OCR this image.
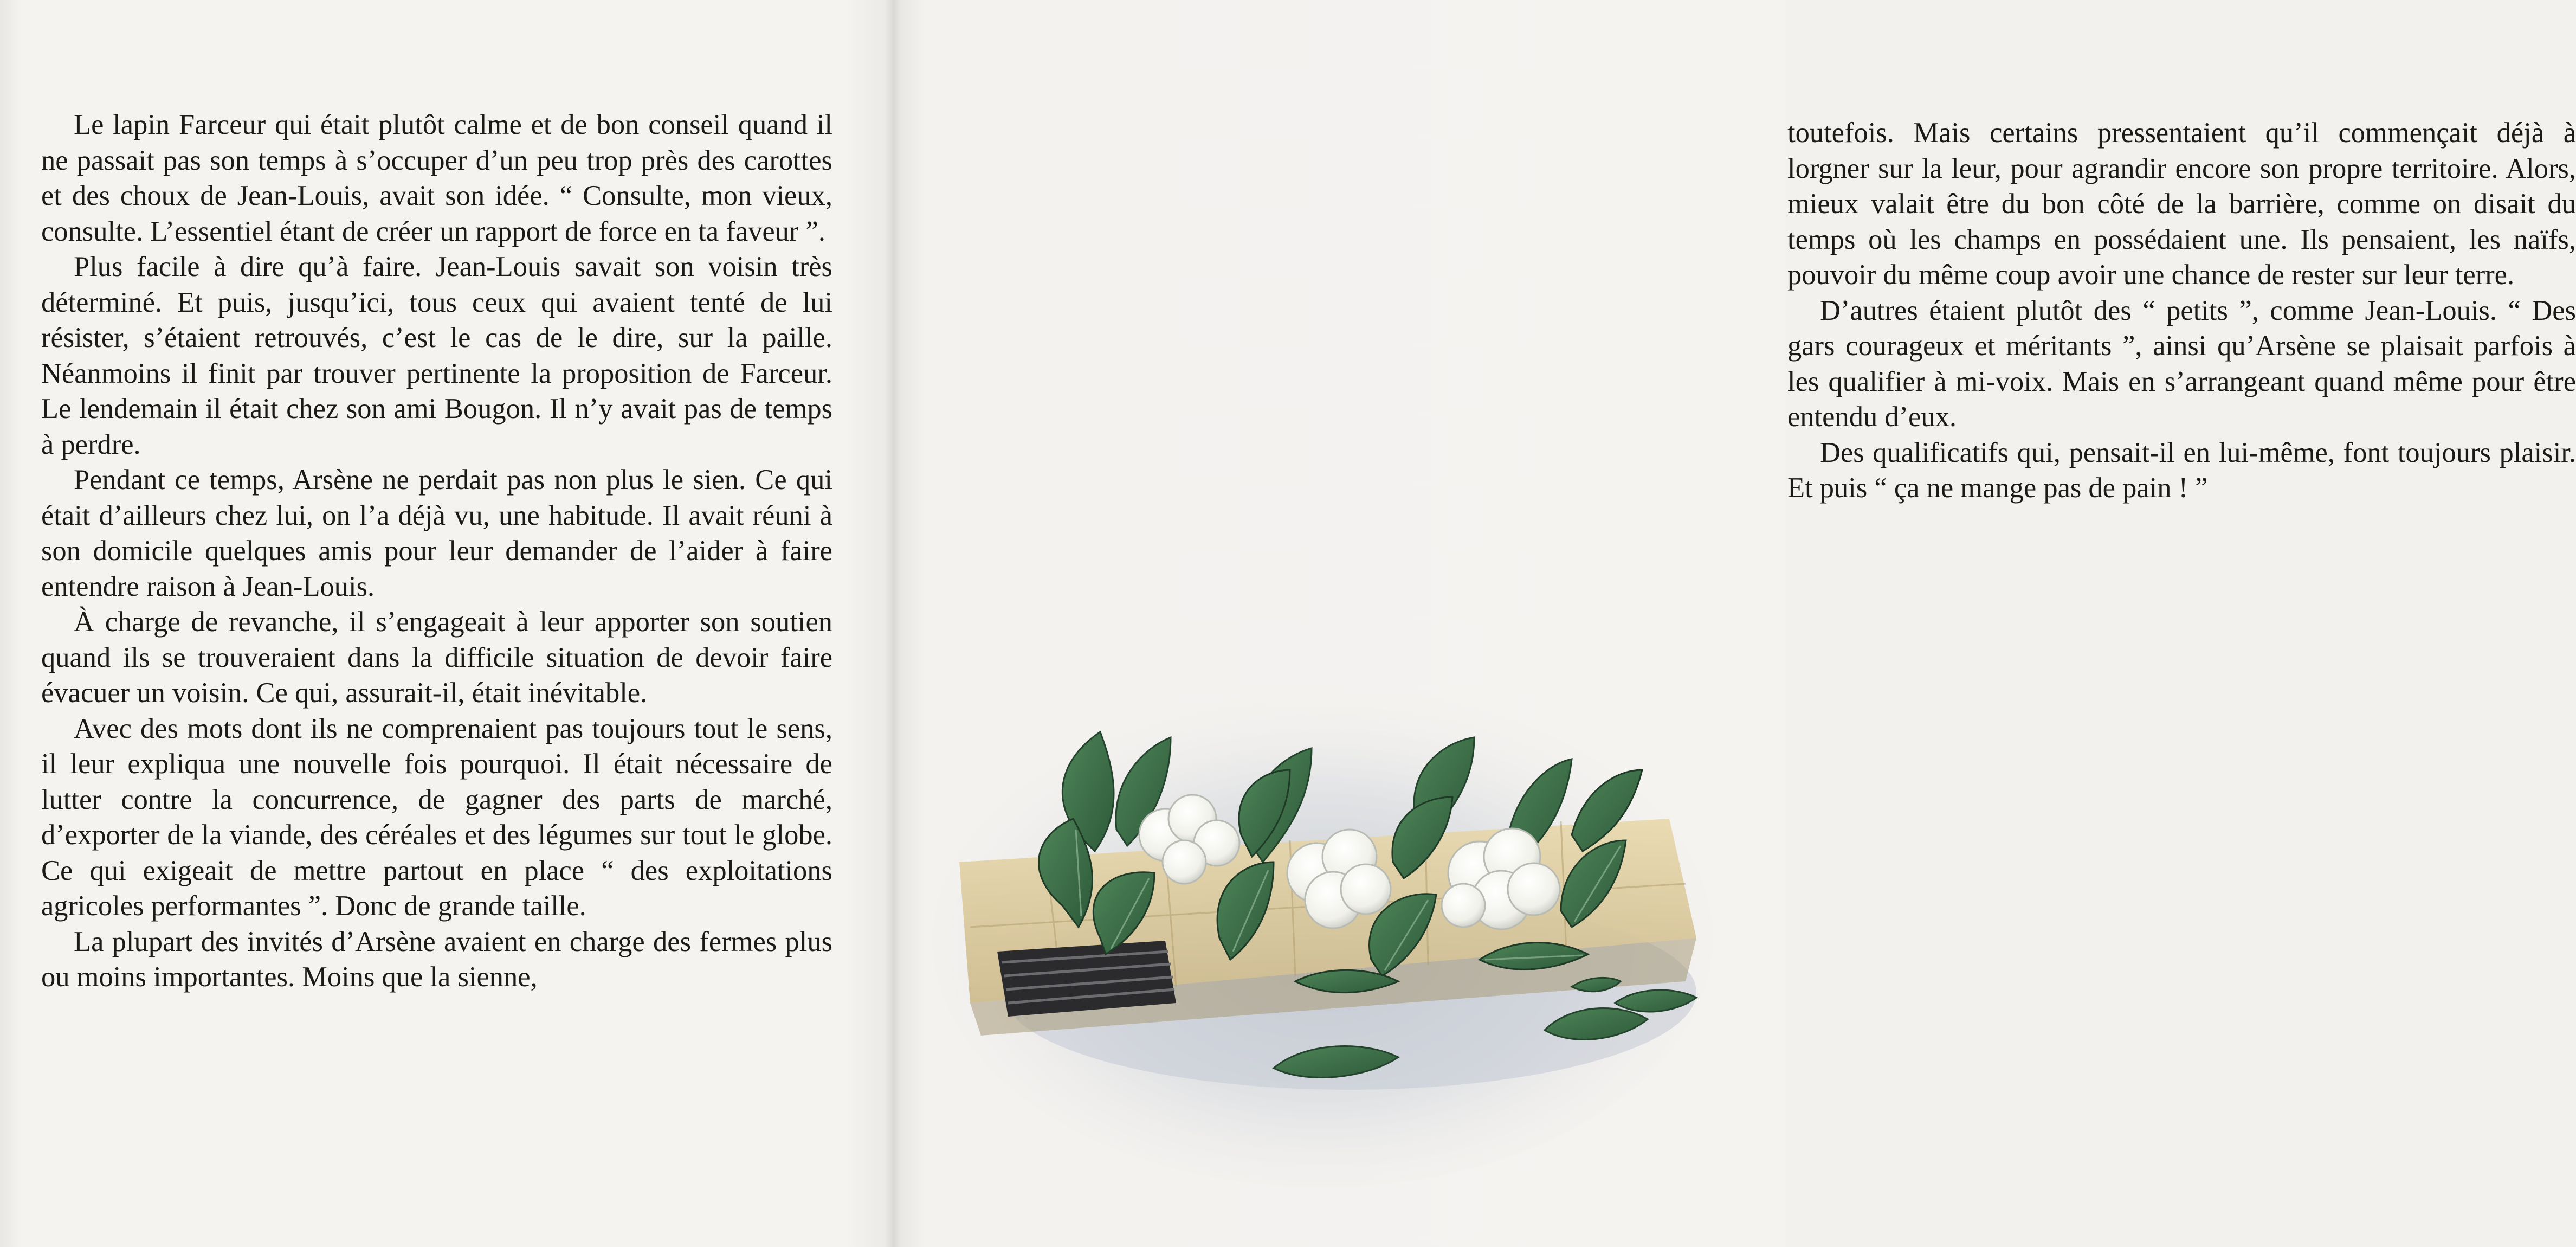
Le lapin Farceur qui était plutôt calme et de bon conseil quand il ne passait pas son temps à s’occuper d’un peu trop près des carottes et des choux de Jean-Louis, avait son idée. “ Consulte, mon vieux, consulte. L’essentiel étant de créer un rapport de force en ta faveur ”.

Plus facile à dire qu’à faire. Jean-Louis savait son voisin très déterminé. Et puis, jusqu’ici, tous ceux qui avaient tenté de lui résister, s’étaient retrouvés, c’est le cas de le dire, sur la paille. Néanmoins il finit par trouver pertinente la proposition de Farceur. Le lendemain il était chez son ami Bougon. Il n’y avait pas de temps à perdre.

Pendant ce temps, Arsène ne perdait pas non plus le sien. Ce qui était d’ailleurs chez lui, on l’a déjà vu, une habitude. Il avait réuni à son domicile quelques amis pour leur demander de l’aider à faire entendre raison à Jean-Louis.

À charge de revanche, il s’engageait à leur apporter son soutien quand ils se trouveraient dans la difficile situation de devoir faire évacuer un voisin. Ce qui, assurait-il, était inévitable.

Avec des mots dont ils ne comprenaient pas toujours tout le sens, il leur expliqua une nouvelle fois pourquoi. Il était nécessaire de lutter contre la concurrence, de gagner des parts de marché, d’exporter de la viande, des céréales et des légumes sur tout le globe. Ce qui exigeait de mettre partout en place “ des exploitations agricoles performantes ”. Donc de grande taille.

La plupart des invités d’Arsène avaient en charge des fermes plus ou moins importantes. Moins que la sienne,

toutefois. Mais certains pressentaient qu’il commençait déjà à lorgner sur la leur, pour agrandir encore son propre territoire. Alors, mieux valait être du bon côté de la barrière, comme on disait du temps où les champs en possédaient une. Ils pensaient, les naïfs, pouvoir du même coup avoir une chance de rester sur leur terre.

D’autres étaient plutôt des “ petits ”, comme Jean-Louis. “ Des gars courageux et méritants ”, ainsi qu’Arsène se plaisait parfois à les qualifier à mi-voix. Mais en s’arrangeant quand même pour être entendu d’eux.

Des qualificatifs qui, pensait-il en lui-même, font toujours plaisir. Et puis “ ça ne mange pas de pain ! ”
